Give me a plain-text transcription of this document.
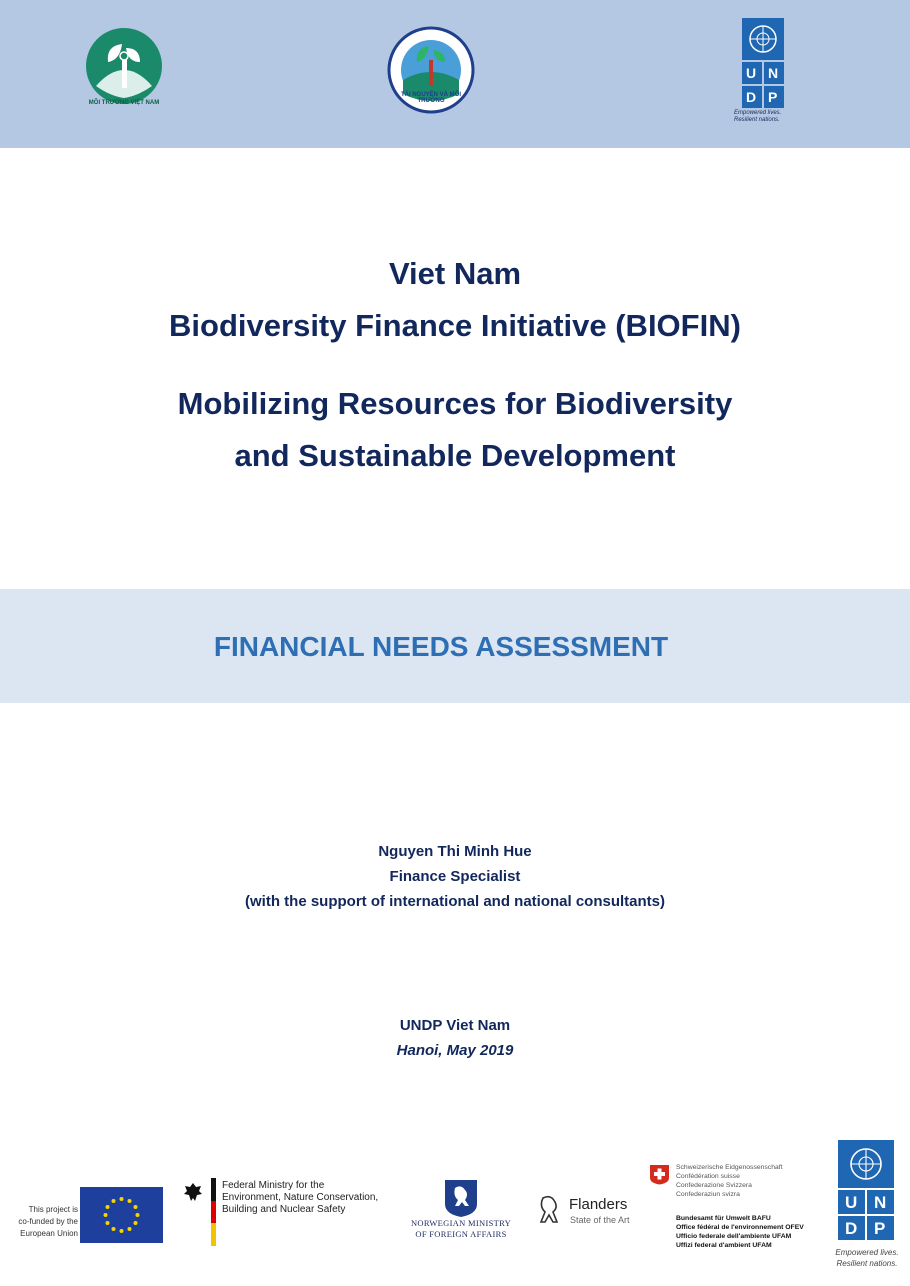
MÔI TRƯỜNG VIỆT NAM
TÀI NGUYÊN VÀ MÔI TRƯỜNG
U N
D P
Empowered lives.
Resilient nations.
Viet Nam
Biodiversity Finance Initiative (BIOFIN)
Mobilizing Resources for Biodiversity
and Sustainable Development
FINANCIAL NEEDS ASSESSMENT
Nguyen Thi Minh Hue
Finance Specialist
(with the support of international and national consultants)
UNDP Viet Nam
Hanoi, May 2019
This project is
co-funded by the
European Union
Federal Ministry for the
Environment, Nature Conservation,
Building and Nuclear Safety
NORWEGIAN MINISTRY
OF FOREIGN AFFAIRS
Flanders
State of the Art
Schweizerische Eidgenossenschaft
Confédération suisse
Confederazione Svizzera
Confederaziun svizra
Bundesamt für Umwelt BAFU
Office fédéral de l'environnement OFEV
Ufficio federale dell'ambiente UFAM
Uffizi federal d'ambient UFAM
U N
D P
Empowered lives.
Resilient nations.
